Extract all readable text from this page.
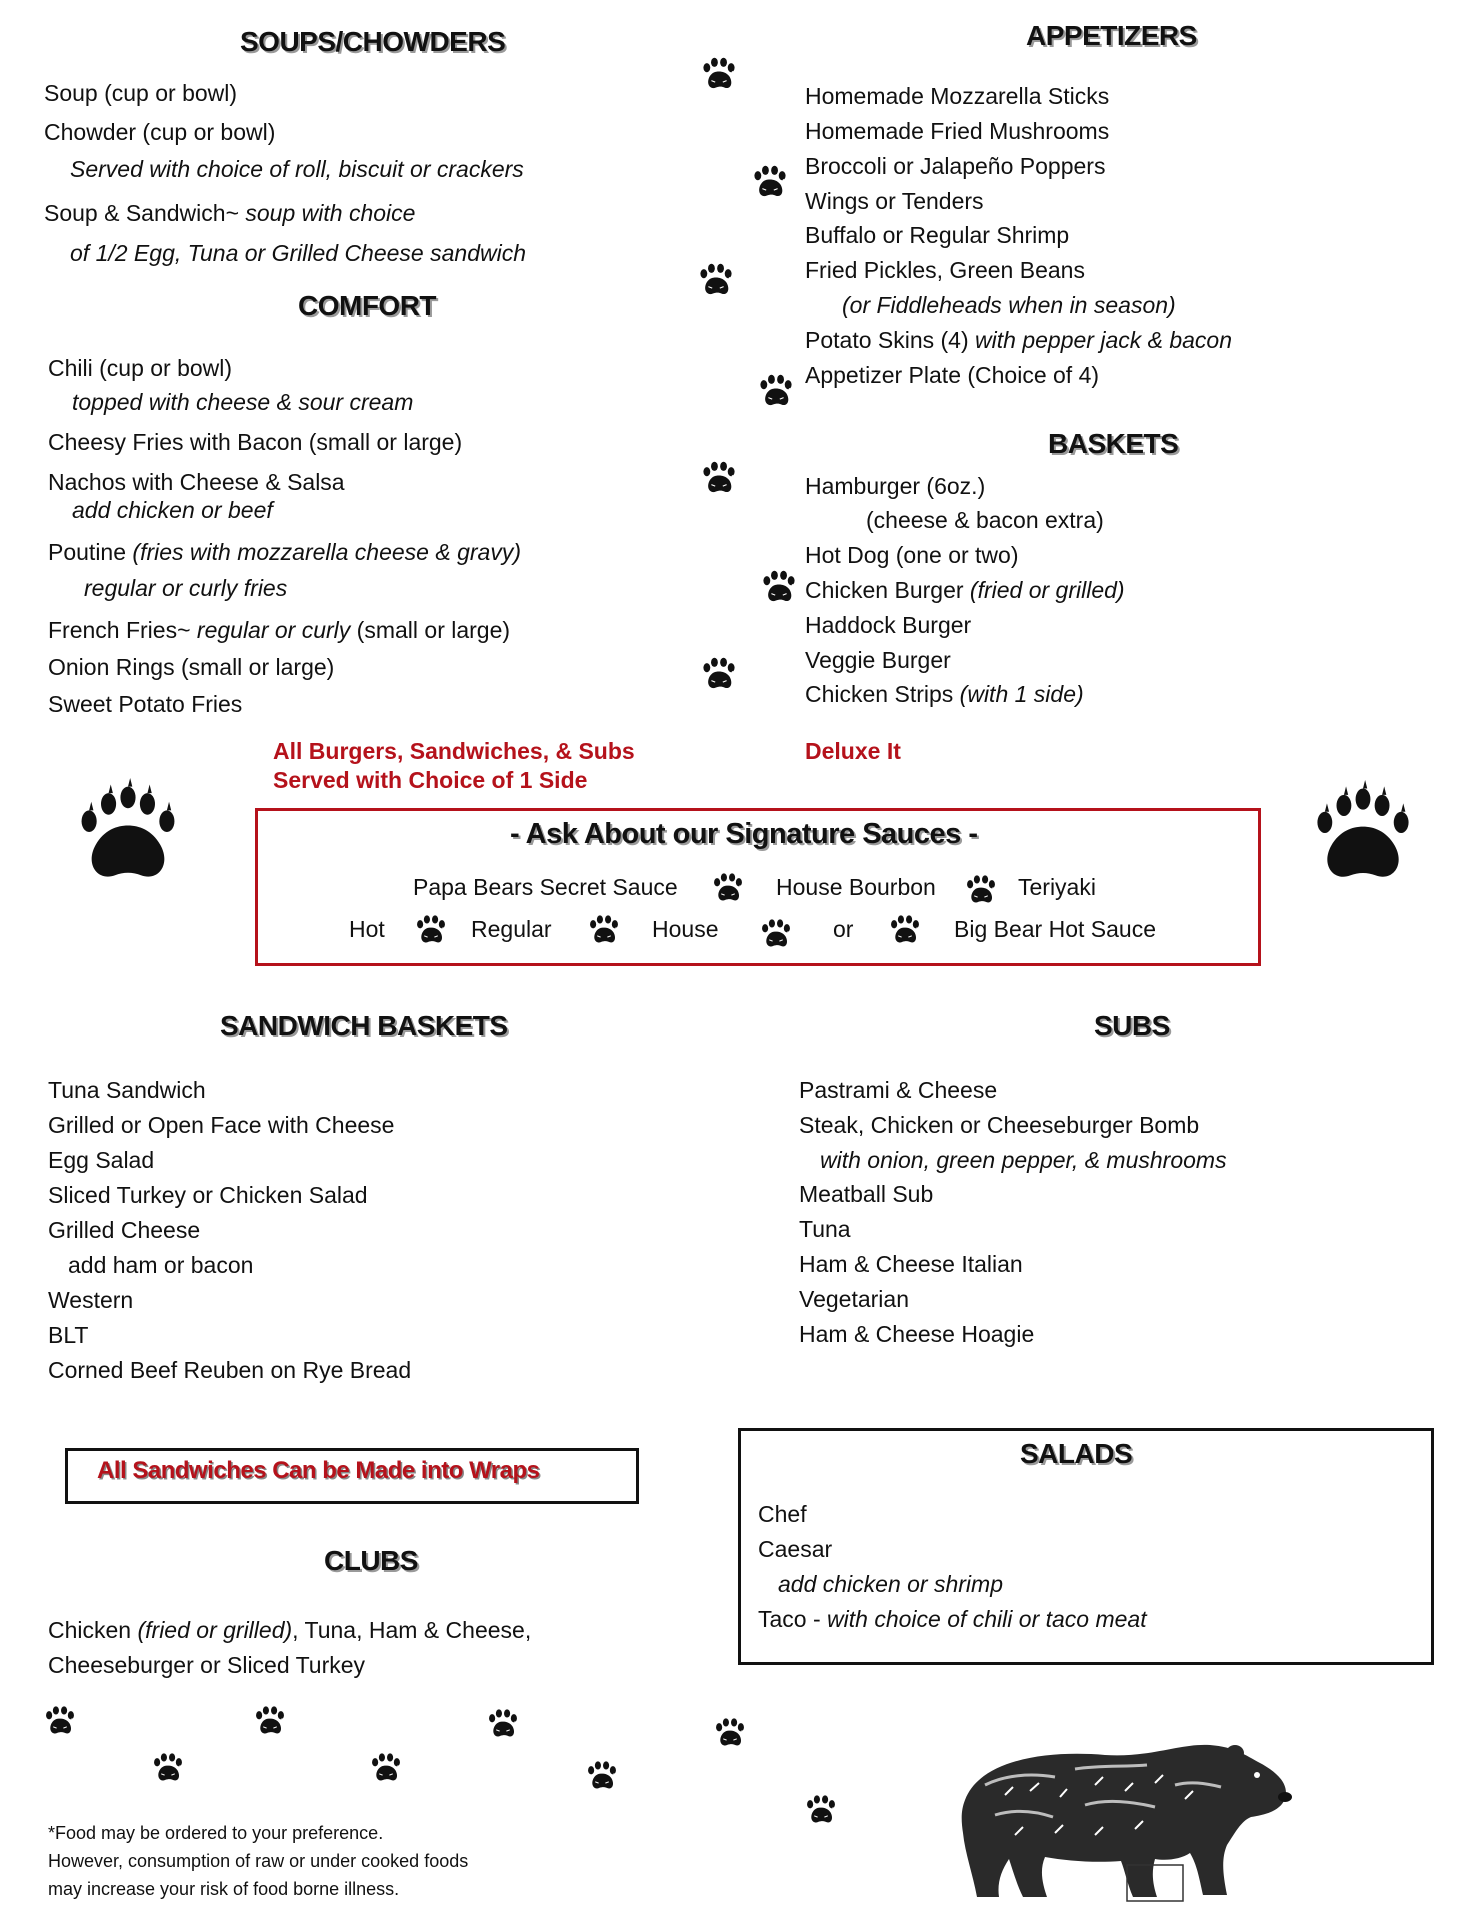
SOUPS/CHOWDERS
Soup (cup or bowl)
Chowder (cup or bowl)
Served with choice of roll, biscuit or crackers
Soup & Sandwich~ soup with choice
of 1/2 Egg, Tuna or Grilled Cheese sandwich
COMFORT
Chili (cup or bowl)
topped with cheese & sour cream
Cheesy Fries with Bacon (small or large)
Nachos with Cheese & Salsa
add chicken or beef
Poutine (fries with mozzarella cheese & gravy)
regular or curly fries
French Fries~ regular or curly (small or large)
Onion Rings (small or large)
Sweet Potato Fries
APPETIZERS
Homemade Mozzarella Sticks
Homemade Fried Mushrooms
Broccoli or Jalapeño Poppers
Wings or Tenders
Buffalo or Regular Shrimp
Fried Pickles, Green Beans
(or Fiddleheads when in season)
Potato Skins (4) with pepper jack & bacon
Appetizer Plate (Choice of 4)
BASKETS
Hamburger (6oz.)
(cheese & bacon extra)
Hot Dog (one or two)
Chicken Burger (fried or grilled)
Haddock Burger
Veggie Burger
Chicken Strips (with 1 side)
All Burgers, Sandwiches, & Subs
Served with Choice of 1 Side
Deluxe It
- Ask About our Signature Sauces -
Papa Bears Secret Sauce	House Bourbon	Teriyaki
Hot	Regular	House	or	Big Bear Hot Sauce
SANDWICH BASKETS
Tuna Sandwich
Grilled or Open Face with Cheese
Egg Salad
Sliced Turkey or Chicken Salad
Grilled Cheese
add ham or bacon
Western
BLT
Corned Beef Reuben on Rye Bread
SUBS
Pastrami & Cheese
Steak, Chicken or Cheeseburger Bomb
with onion, green pepper, & mushrooms
Meatball Sub
Tuna
Ham & Cheese Italian
Vegetarian
Ham & Cheese Hoagie
All Sandwiches Can be Made into Wraps
CLUBS
Chicken (fried or grilled), Tuna, Ham & Cheese,
Cheeseburger or Sliced Turkey
SALADS
Chef
Caesar
add chicken or shrimp
Taco - with choice of chili or taco meat
*Food may be ordered to your preference.
However, consumption of raw or under cooked foods
may increase your risk of food borne illness.
